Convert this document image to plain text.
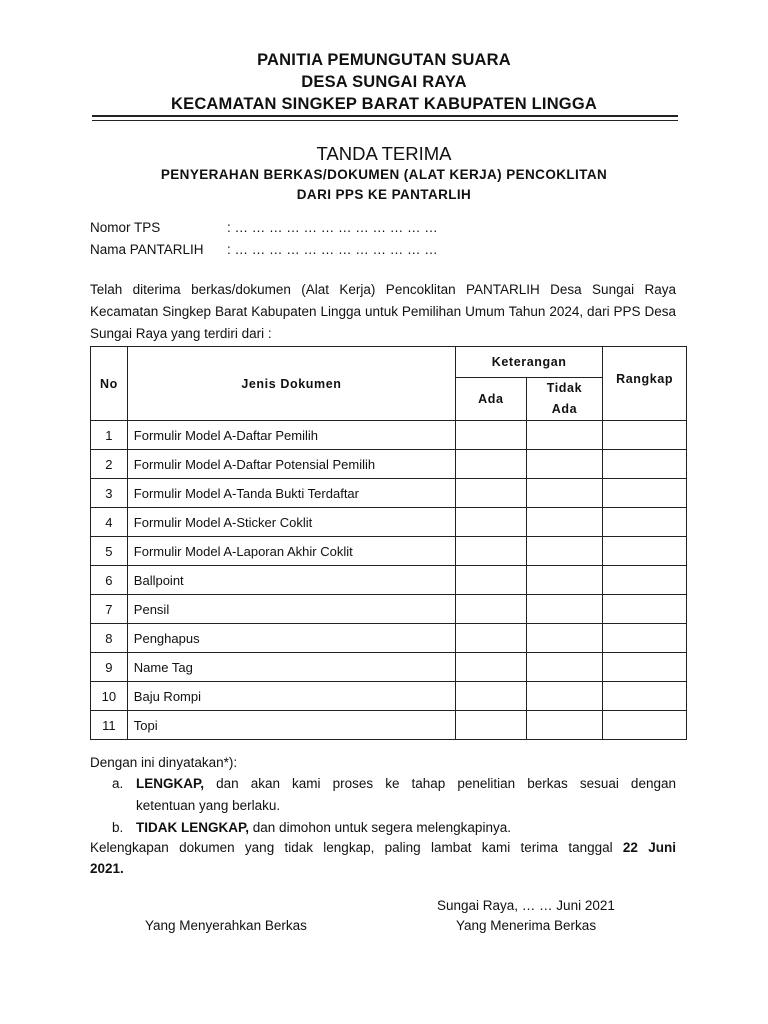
PANITIA PEMUNGUTAN SUARA
DESA SUNGAI RAYA
KECAMATAN SINGKEP BARAT KABUPATEN LINGGA
TANDA TERIMA
PENYERAHAN BERKAS/DOKUMEN (ALAT KERJA) PENCOKLITAN
DARI PPS KE PANTARLIH
Nomor TPS	: … … … … … … … … … … … …
Nama PANTARLIH : … … … … … … … … … … … …
Telah diterima berkas/dokumen (Alat Kerja) Pencoklitan PANTARLIH Desa Sungai Raya Kecamatan Singkep Barat Kabupaten Lingga untuk Pemilihan Umum Tahun 2024, dari PPS Desa Sungai Raya yang terdiri dari :
No	Jenis Dokumen	Keterangan		Rangkap
		Ada	Tidak
Ada	

1	Formulir Model A-Daftar Pemilih			
2	Formulir Model A-Daftar Potensial Pemilih			
3	Formulir Model A-Tanda Bukti Terdaftar			
4	Formulir Model A-Sticker Coklit			
5	Formulir Model A-Laporan Akhir Coklit			
6	Ballpoint			
7	Pensil			
8	Penghapus			
9	Name Tag			
10	Baju Rompi			
11	Topi			
Dengan ini dinyatakan*):
a. LENGKAP, dan akan kami proses ke tahap penelitian berkas sesuai dengan
ketentuan yang berlaku.
b. TIDAK LENGKAP, dan dimohon untuk segera melengkapinya.
Kelengkapan dokumen yang tidak lengkap, paling lambat kami terima tanggal 22 Juni
2021.
Sungai Raya, … … Juni 2021
Yang Menyerahkan Berkas	Yang Menerima Berkas
